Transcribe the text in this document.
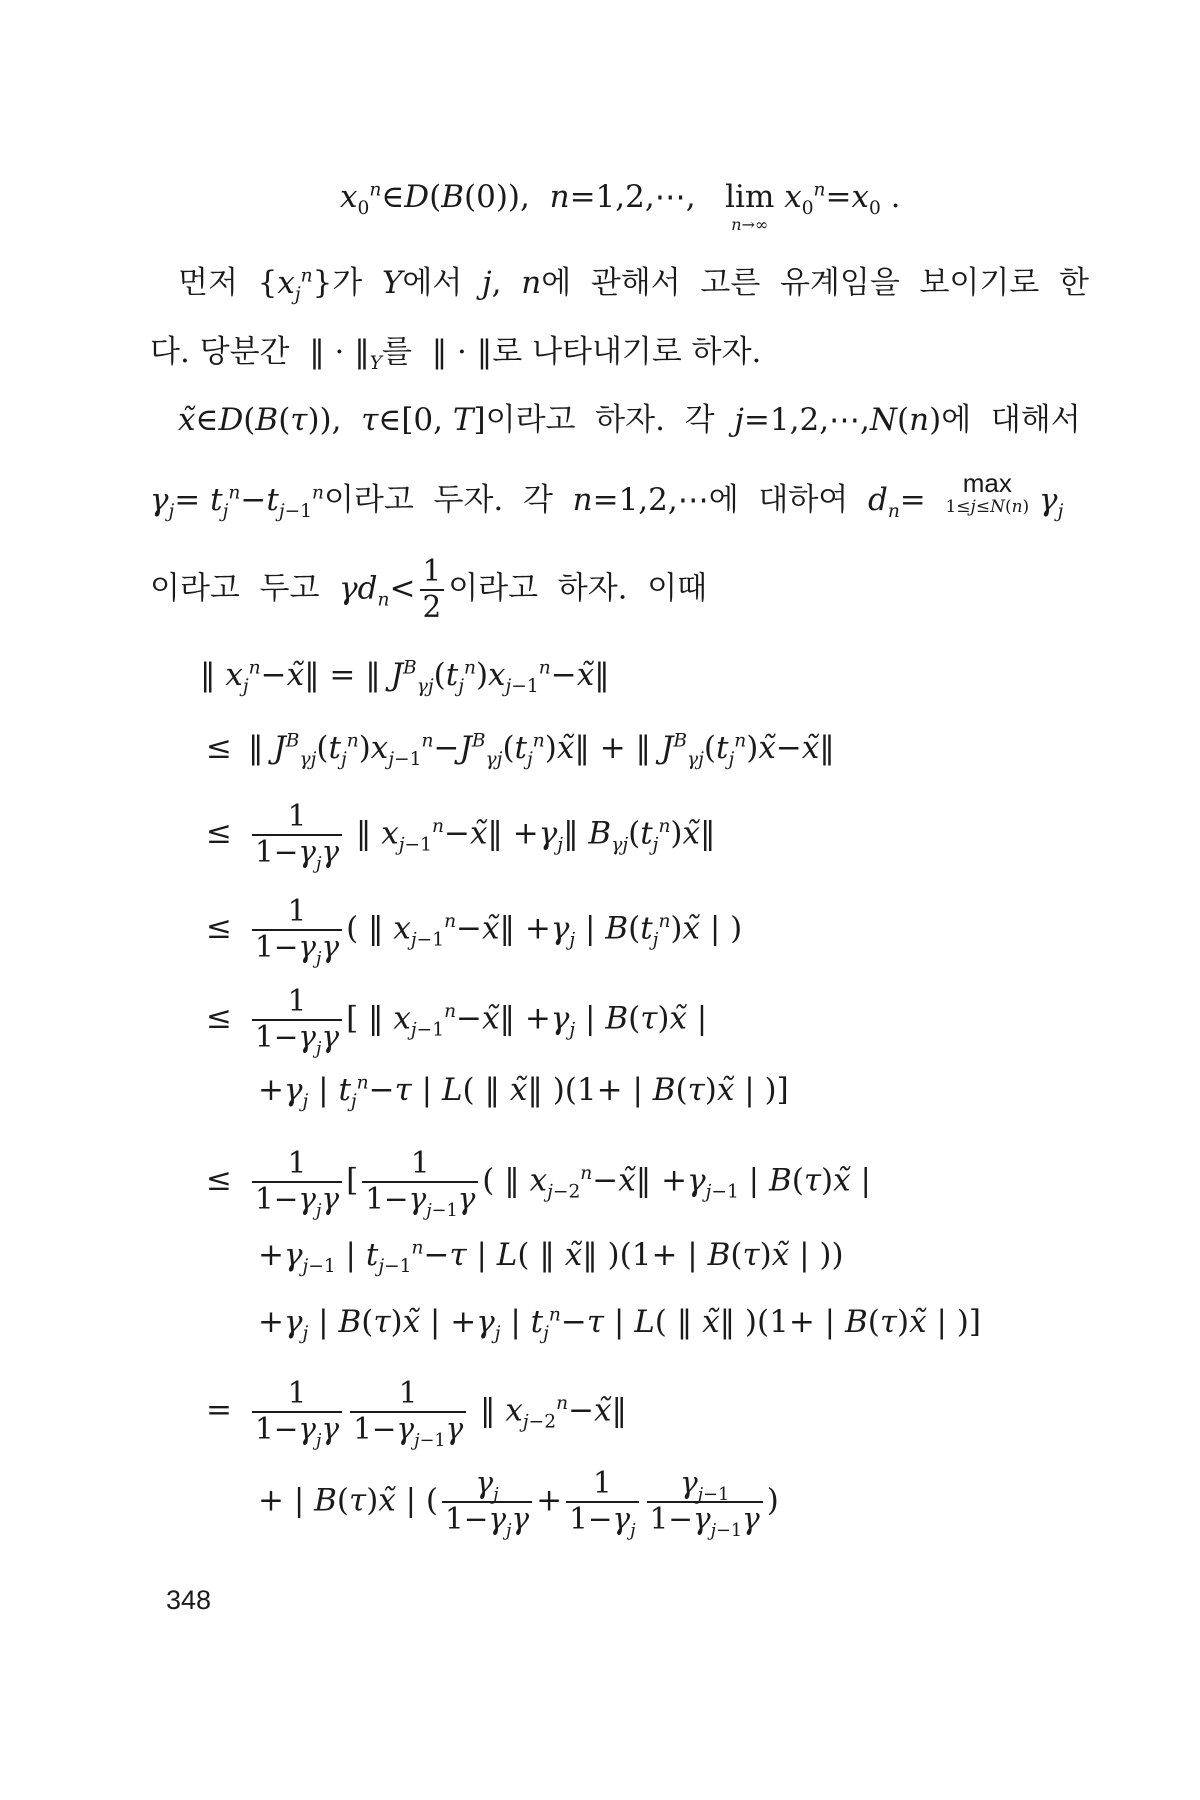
$x_0^n\in D(B(0))$,  n=1,2,⋯,   lim
n→∞
$x_0^n=x_0$ .
먼저  $\{x_j^n\}$가  Y에서  j,  n에  관해서  고른  유계임을  보이기로  한
다. 당분간  ‖ · $‖_Y$를  ‖ · ‖로 나타내기로 하자.
x̃∈D(B(τ)),  τ∈[0, T]이라고  하자.  각  j=1,2,⋯,N(n)에  대해서
$\gamma_j= t_j^n-t_{j-1}^n$이라고  두자.  각  n=1,2,⋯에  대하여  $d_n= \max$
1≤j≤N(n) $\gamma_j$
이라고  두고  $\gamma d_n< \frac{1}{2}$ 이라고  하자.  이때
‖ $x_j^n-x̃‖$ = ‖ $J^B_{\gamma j}(t_j^n)x_{j-1}^n-x̃‖$
≤ ‖ $J^B_{\gamma j}(t_j^n)x_{j-1}^n-J^B_{\gamma j}(t_j^n)x̃‖$ + ‖ $J^B_{\gamma j}(t_j^n)x̃-x̃‖$
≤ $\frac{1}{1-\gamma_j\gamma}$ ‖ $x_{j-1}^n-x̃‖$ $+\gamma_j‖$ $B_{\gamma j}(t_j^n)x̃‖$
≤ $\frac{1}{1-\gamma_j\gamma}$ ( ‖ $x_{j-1}^n-x̃‖ +\gamma_j$ | $B(t_j^n)x̃$ | )
≤ $\frac{1}{1-\gamma_j\gamma}$ [ ‖ $x_{j-1}^n-x̃‖ +\gamma_j$ | B(τ)x̃ |
$+\gamma_j$ | $t_j^n-\tau$ | L( ‖ x̃‖ )(1+ | B(τ)x̃ | )]
≤ $\frac{1}{1-\gamma_j\gamma}$ [ $\frac{1}{1-\gamma_{j-1}\gamma}$ ( ‖ $x_{j-2}^n-x̃‖ +\gamma_{j-1}$ | B(τ)x̃ |
$+\gamma_{j-1}$ | $t_{j-1}^n-\tau$ | L( ‖ x̃‖ )(1+ | B(τ)x̃ | ))
$+\gamma_j$ | B(τ)x̃ | $+\gamma_j$ | $t_j^n-\tau$ | L( ‖ x̃‖ )(1+ | B(τ)x̃ | )]
= $\frac{1}{1-\gamma_j\gamma} \frac{1}{1-\gamma_{j-1}\gamma}$ ‖ $x_{j-2}^n-x̃‖$
+ | B(τ)x̃ | ( $\frac{\gamma_j}{1-\gamma_j\gamma} + \frac{1}{1-\gamma_j} \frac{\gamma_{j-1}}{1-\gamma_{j-1}\gamma}$ )
348
